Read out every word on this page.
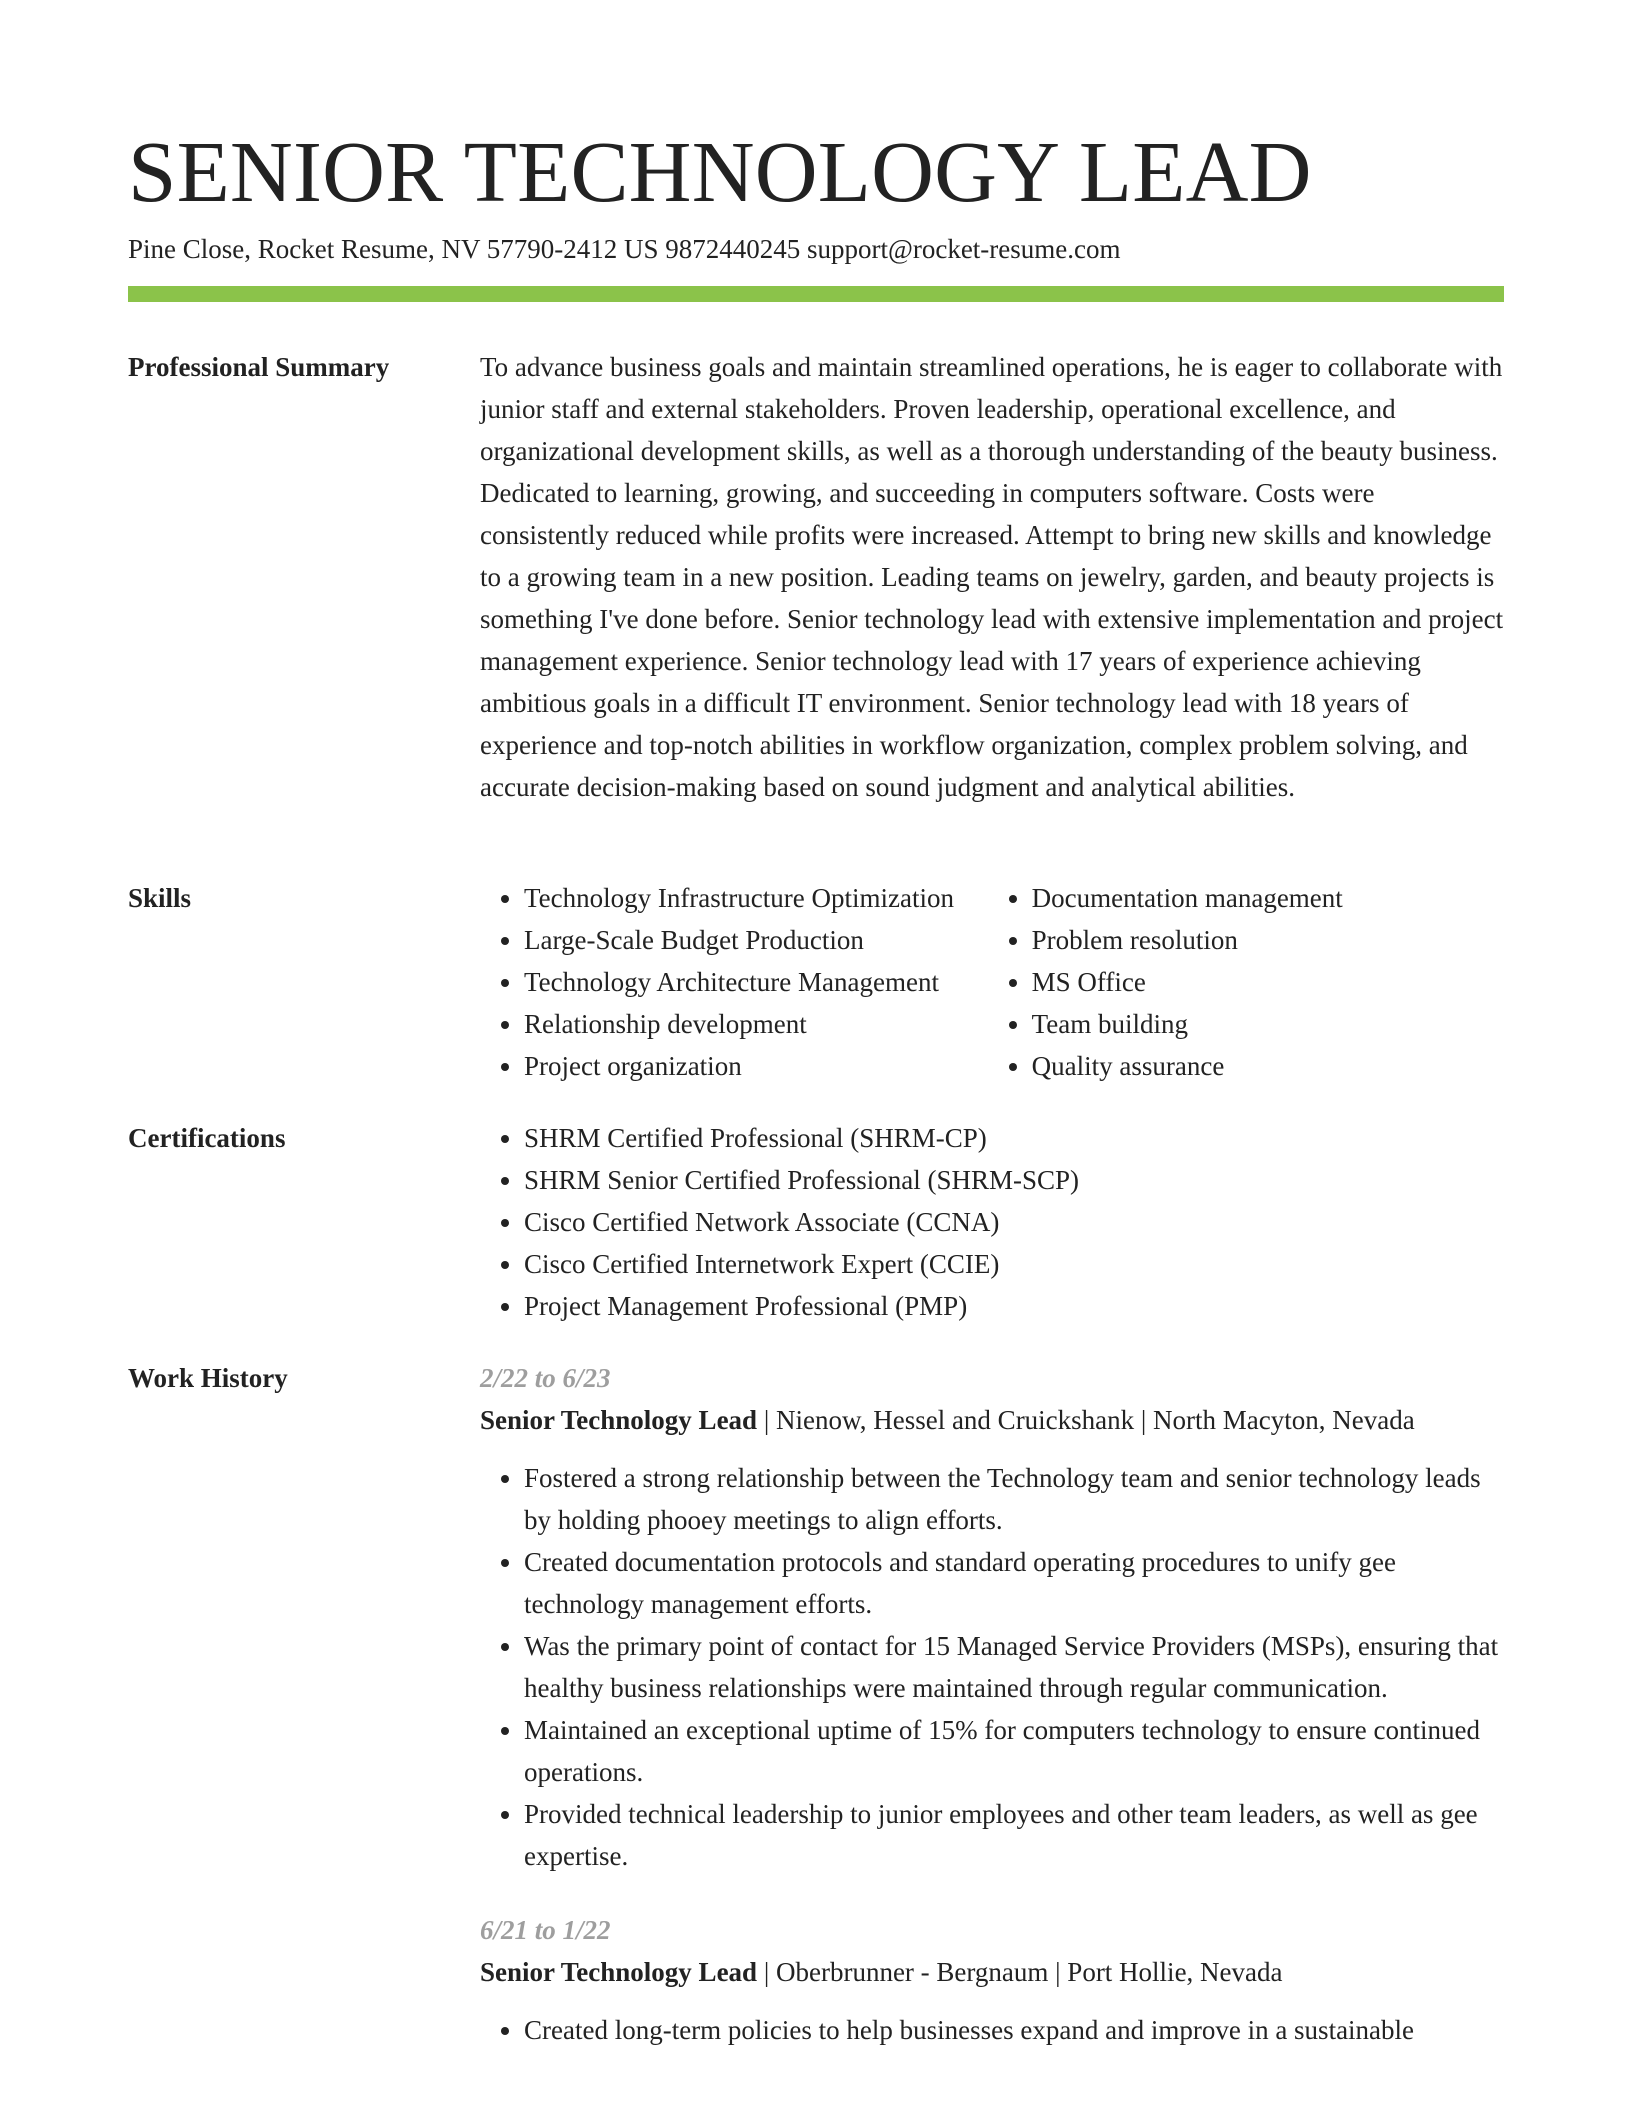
SENIOR TECHNOLOGY LEAD
Pine Close, Rocket Resume, NV 57790-2412 US 9872440245 support@rocket-resume.com
Professional Summary	To advance business goals and maintain streamlined operations, he is eager to collaborate with junior staff and external stakeholders. Proven leadership, operational excellence, and organizational development skills, as well as a thorough understanding of the beauty business. Dedicated to learning, growing, and succeeding in computers software. Costs were consistently reduced while profits were increased. Attempt to bring new skills and knowledge to a growing team in a new position. Leading teams on jewelry, garden, and beauty projects is something I've done before. Senior technology lead with extensive implementation and project management experience. Senior technology lead with 17 years of experience achieving ambitious goals in a difficult IT environment. Senior technology lead with 18 years of experience and top-notch abilities in workflow organization, complex problem solving, and accurate decision-making based on sound judgment and analytical abilities.

Skills	• Technology Infrastructure Optimization
• Large-Scale Budget Production
• Technology Architecture Management
• Relationship development
• Project organization
• Documentation management
• Problem resolution
• MS Office
• Team building
• Quality assurance
Certifications	• SHRM Certified Professional (SHRM-CP)
• SHRM Senior Certified Professional (SHRM-SCP)
• Cisco Certified Network Associate (CCNA)
• Cisco Certified Internetwork Expert (CCIE)
• Project Management Professional (PMP)
Work History	2/22 to 6/23
Senior Technology Lead | Nienow, Hessel and Cruickshank | North Macyton, Nevada
• Fostered a strong relationship between the Technology team and senior technology leads by holding phooey meetings to align efforts.
• Created documentation protocols and standard operating procedures to unify gee technology management efforts.
• Was the primary point of contact for 15 Managed Service Providers (MSPs), ensuring that healthy business relationships were maintained through regular communication.
• Maintained an exceptional uptime of 15% for computers technology to ensure continued operations.
• Provided technical leadership to junior employees and other team leaders, as well as gee expertise.
6/21 to 1/22
Senior Technology Lead | Oberbrunner - Bergnaum | Port Hollie, Nevada
• Created long-term policies to help businesses expand and improve in a sustainable
